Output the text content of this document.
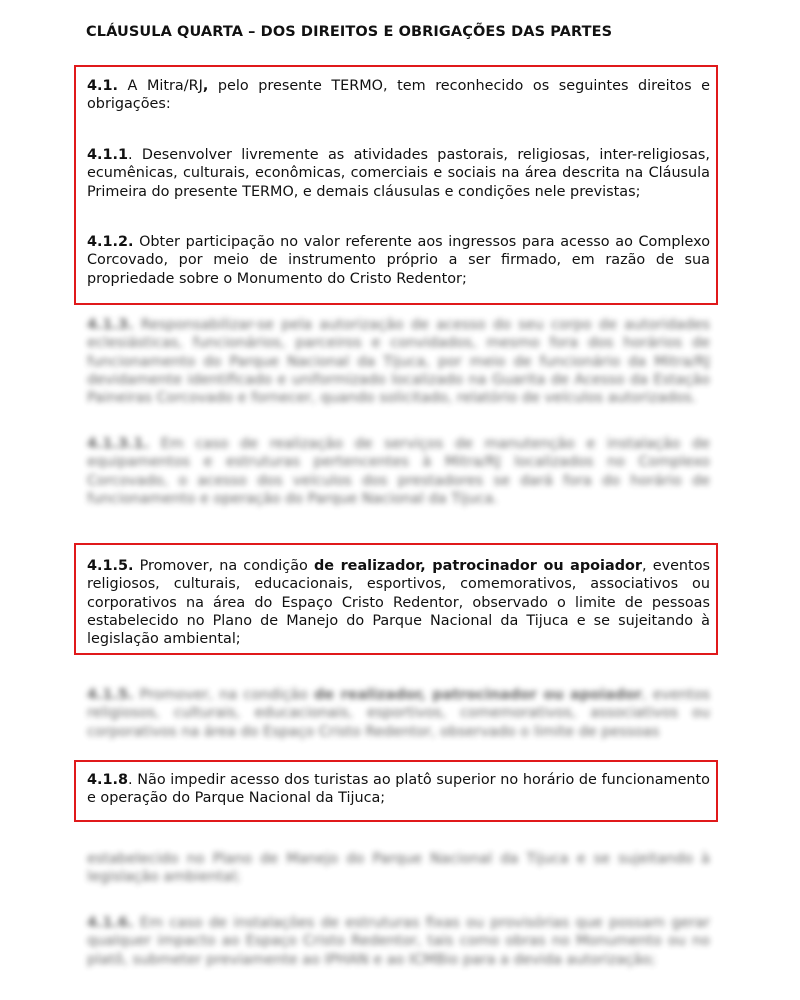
CLÁUSULA QUARTA – DOS DIREITOS E OBRIGAÇÕES DAS PARTES

4.1. A Mitra/RJ, pelo presente TERMO, tem reconhecido os seguintes direitos e obrigações:

4.1.1. Desenvolver livremente as atividades pastorais, religiosas, inter-religiosas, ecumênicas, culturais, econômicas, comerciais e sociais na área descrita na Cláusula Primeira do presente TERMO, e demais cláusulas e condições nele previstas;

4.1.2. Obter participação no valor referente aos ingressos para acesso ao Complexo Corcovado, por meio de instrumento próprio a ser firmado, em razão de sua propriedade sobre o Monumento do Cristo Redentor;

4.1.3. Responsabilizar-se pela autorização de acesso do seu corpo de autoridades eclesiásticas, funcionários, parceiros e convidados, mesmo fora dos horários de funcionamento do Parque Nacional da Tijuca, por meio de funcionário da Mitra/RJ devidamente identificado e uniformizado localizado na Guarita de Acesso da Estação Paineiras Corcovado e fornecer, quando solicitado, relatório de veículos autorizados.

4.1.3.1. Em caso de realização de serviços de manutenção e instalação de equipamentos e estruturas pertencentes à Mitra/RJ localizados no Complexo Corcovado, o acesso dos veículos dos prestadores se dará fora do horário de funcionamento e operação do Parque Nacional da Tijuca.

4.1.5. Promover, na condição de realizador, patrocinador ou apoiador, eventos religiosos, culturais, educacionais, esportivos, comemorativos, associativos ou corporativos na área do Espaço Cristo Redentor, observado o limite de pessoas estabelecido no Plano de Manejo do Parque Nacional da Tijuca e se sujeitando à legislação ambiental;

4.1.5. Promover, na condição de realizador, patrocinador ou apoiador, eventos religiosos, culturais, educacionais, esportivos, comemorativos, associativos ou corporativos na área do Espaço Cristo Redentor, observado o limite de pessoas

4.1.8. Não impedir acesso dos turistas ao platô superior no horário de funcionamento e operação do Parque Nacional da Tijuca;

estabelecido no Plano de Manejo do Parque Nacional da Tijuca e se sujeitando à legislação ambiental;

4.1.6. Em caso de instalações de estruturas fixas ou provisórias que possam gerar qualquer impacto ao Espaço Cristo Redentor, tais como obras no Monumento ou no platô, submeter previamente ao IPHAN e ao ICMBio para a devida autorização;
